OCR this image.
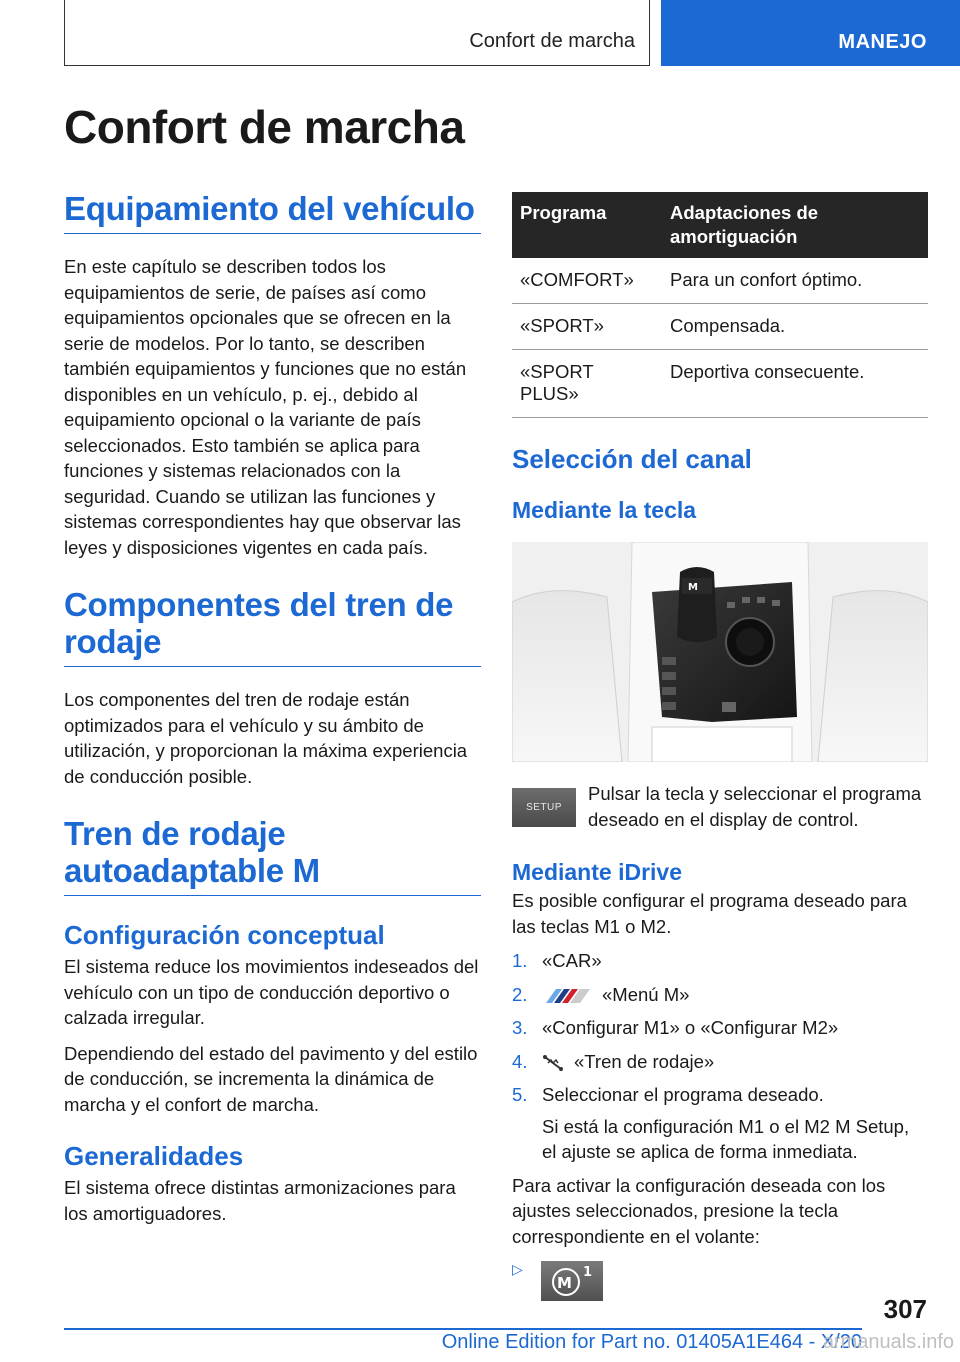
Confort de marcha	MANEJO
Confort de marcha
Equipamiento del vehículo

En este capítulo se describen todos los equipamientos de serie, de países así como equipamientos opcionales que se ofrecen en la serie de modelos. Por lo tanto, se describen también equipamientos y funciones que no están disponibles en un vehículo, p. ej., debido al equipamiento opcional o la variante de país seleccionados. Esto también se aplica para funciones y sistemas relacionados con la seguridad. Cuando se utilizan las funciones y sistemas correspondientes hay que observar las leyes y disposiciones vigentes en cada país.

Componentes del tren de rodaje

Los componentes del tren de rodaje están optimizados para el vehículo y su ámbito de utilización, y proporcionan la máxima experiencia de conducción posible.

Tren de rodaje autoadaptable M
Configuración conceptual

El sistema reduce los movimientos indeseados del vehículo con un tipo de conducción deportivo o calzada irregular.

Dependiendo del estado del pavimento y del estilo de conducción, se incrementa la dinámica de marcha y el confort de marcha.

Generalidades

El sistema ofrece distintas armonizaciones para los amortiguadores.

Programa	Adaptaciones de amortiguación
«COMFORT»	Para un confort óptimo.
«SPORT»	Compensada.
«SPORT PLUS»	Deportiva consecuente.
Selección del canal
Mediante la tecla
M
SETUP

Pulsar la tecla y seleccionar el programa deseado en el display de control.

Mediante iDrive

Es posible configurar el programa deseado para las teclas M1 o M2.

1. «CAR»
2.	«Menú M»
3. «Configurar M1» o «Configurar M2»
4.	«Tren de rodaje»
5. Seleccionar el programa deseado.

Si está la configuración M1 o el M2 M Setup, el ajuste se aplica de forma inmediata.

Para activar la configuración deseada con los ajustes seleccionados, presione la tecla correspondiente en el volante:

▷
M
1
307
Online Edition for Part no. 01405A1E464 - X/20
armanuals.info
